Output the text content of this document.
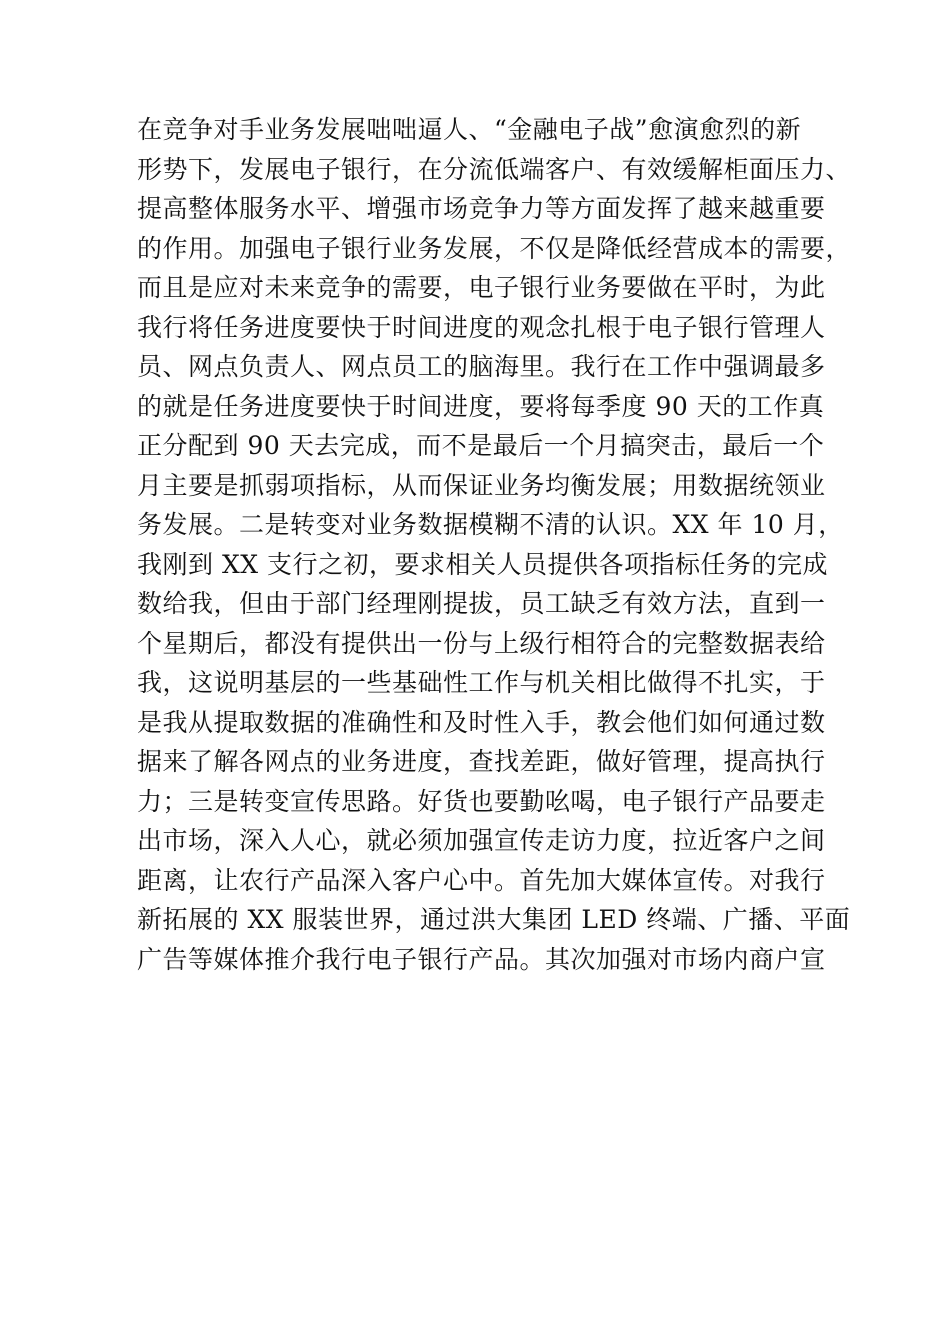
在竞争对手业务发展咄咄逼人、“金融电子战”愈演愈烈的新
形势下，发展电子银行，在分流低端客户、有效缓解柜面压力、
提高整体服务水平、增强市场竞争力等方面发挥了越来越重要
的作用。加强电子银行业务发展，不仅是降低经营成本的需要，
而且是应对未来竞争的需要，电子银行业务要做在平时，为此
我行将任务进度要快于时间进度的观念扎根于电子银行管理人
员、网点负责人、网点员工的脑海里。我行在工作中强调最多
的就是任务进度要快于时间进度，要将每季度 90 天的工作真
正分配到 90 天去完成，而不是最后一个月搞突击，最后一个
月主要是抓弱项指标，从而保证业务均衡发展；用数据统领业
务发展。二是转变对业务数据模糊不清的认识。XX 年 10 月，
我刚到 XX 支行之初，要求相关人员提供各项指标任务的完成
数给我，但由于部门经理刚提拔，员工缺乏有效方法，直到一
个星期后，都没有提供出一份与上级行相符合的完整数据表给
我，这说明基层的一些基础性工作与机关相比做得不扎实，于
是我从提取数据的准确性和及时性入手，教会他们如何通过数
据来了解各网点的业务进度，查找差距，做好管理，提高执行
力；三是转变宣传思路。好货也要勤吆喝，电子银行产品要走
出市场，深入人心，就必须加强宣传走访力度，拉近客户之间
距离，让农行产品深入客户心中。首先加大媒体宣传。对我行
新拓展的 XX 服装世界，通过洪大集团 LED 终端、广播、平面
广告等媒体推介我行电子银行产品。其次加强对市场内商户宣
